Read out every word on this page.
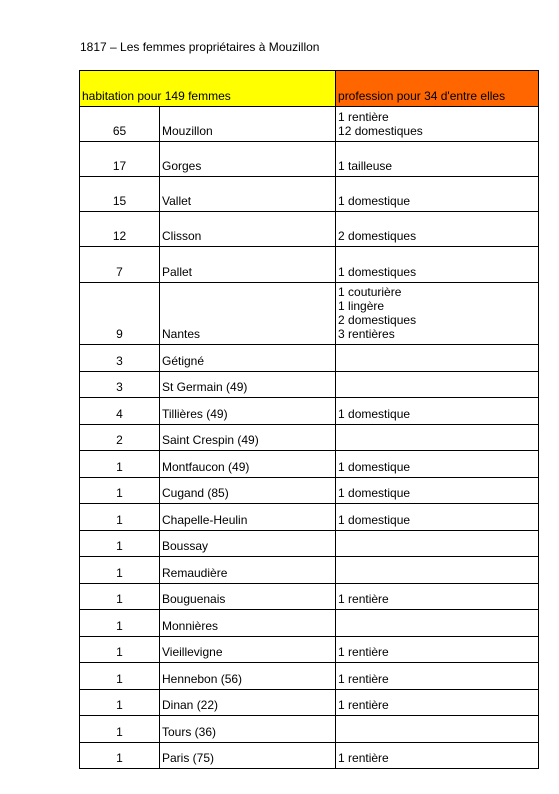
1817 – Les femmes propriétaires à Mouzillon
habitation pour 149 femmes		profession pour 34 d'entre elles
65	Mouzillon	1 rentière
12 domestiques

17	Gorges	1 tailleuse

15	Vallet	1 domestique

12	Clisson	2 domestiques

7	Pallet	1 domestiques

9	Nantes	1 couturière
1 lingère
2 domestiques
3 rentières

3	Gétigné	
3	St Germain (49)	
4	Tillières (49)	1 domestique

2	Saint Crespin (49)	
1	Montfaucon (49)	1 domestique

1	Cugand (85)	1 domestique

1	Chapelle-Heulin	1 domestique

1	Boussay	
1	Remaudière	
1	Bouguenais	1 rentière

1	Monnières	
1	Vieillevigne	1 rentière

1	Hennebon (56)	1 rentière

1	Dinan (22)	1 rentière

1	Tours (36)	
1	Paris (75)	1 rentière
